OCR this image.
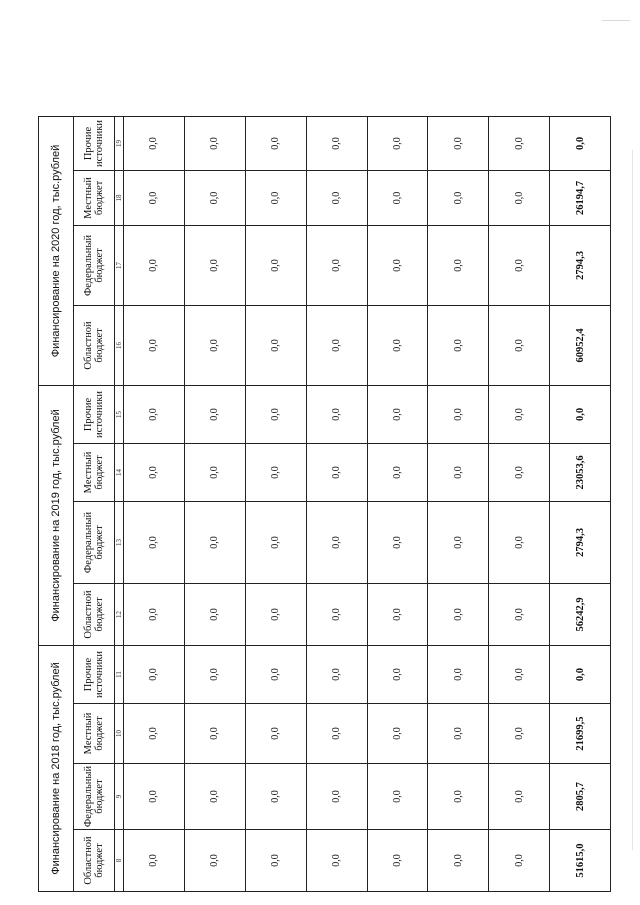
Финансирование на 2018 год, тыс.рублей				Финансирование на 2019 год, тыс.рублей				Финансирование на 2020 год, тыс.рублей			
Областной бюджет	Федеральный бюджет	Местный бюджет	Прочие источники	Областной бюджет	Федеральный бюджет	Местный бюджет	Прочие источники	Областной бюджет	Федеральный бюджет	Местный бюджет	Прочие источники
8	9	10	11	12	13	14	15	16	17	18	19
0,0	0,0	0,0	0,0	0,0	0,0	0,0	0,0	0,0	0,0	0,0	0,0
0,0	0,0	0,0	0,0	0,0	0,0	0,0	0,0	0,0	0,0	0,0	0,0
0,0	0,0	0,0	0,0	0,0	0,0	0,0	0,0	0,0	0,0	0,0	0,0
0,0	0,0	0,0	0,0	0,0	0,0	0,0	0,0	0,0	0,0	0,0	0,0
0,0	0,0	0,0	0,0	0,0	0,0	0,0	0,0	0,0	0,0	0,0	0,0
0,0	0,0	0,0	0,0	0,0	0,0	0,0	0,0	0,0	0,0	0,0	0,0
0,0	0,0	0,0	0,0	0,0	0,0	0,0	0,0	0,0	0,0	0,0	0,0
51615,0	2805,7	21699,5	0,0	56242,9	2794,3	23053,6	0,0	60952,4	2794,3	26194,7	0,0
